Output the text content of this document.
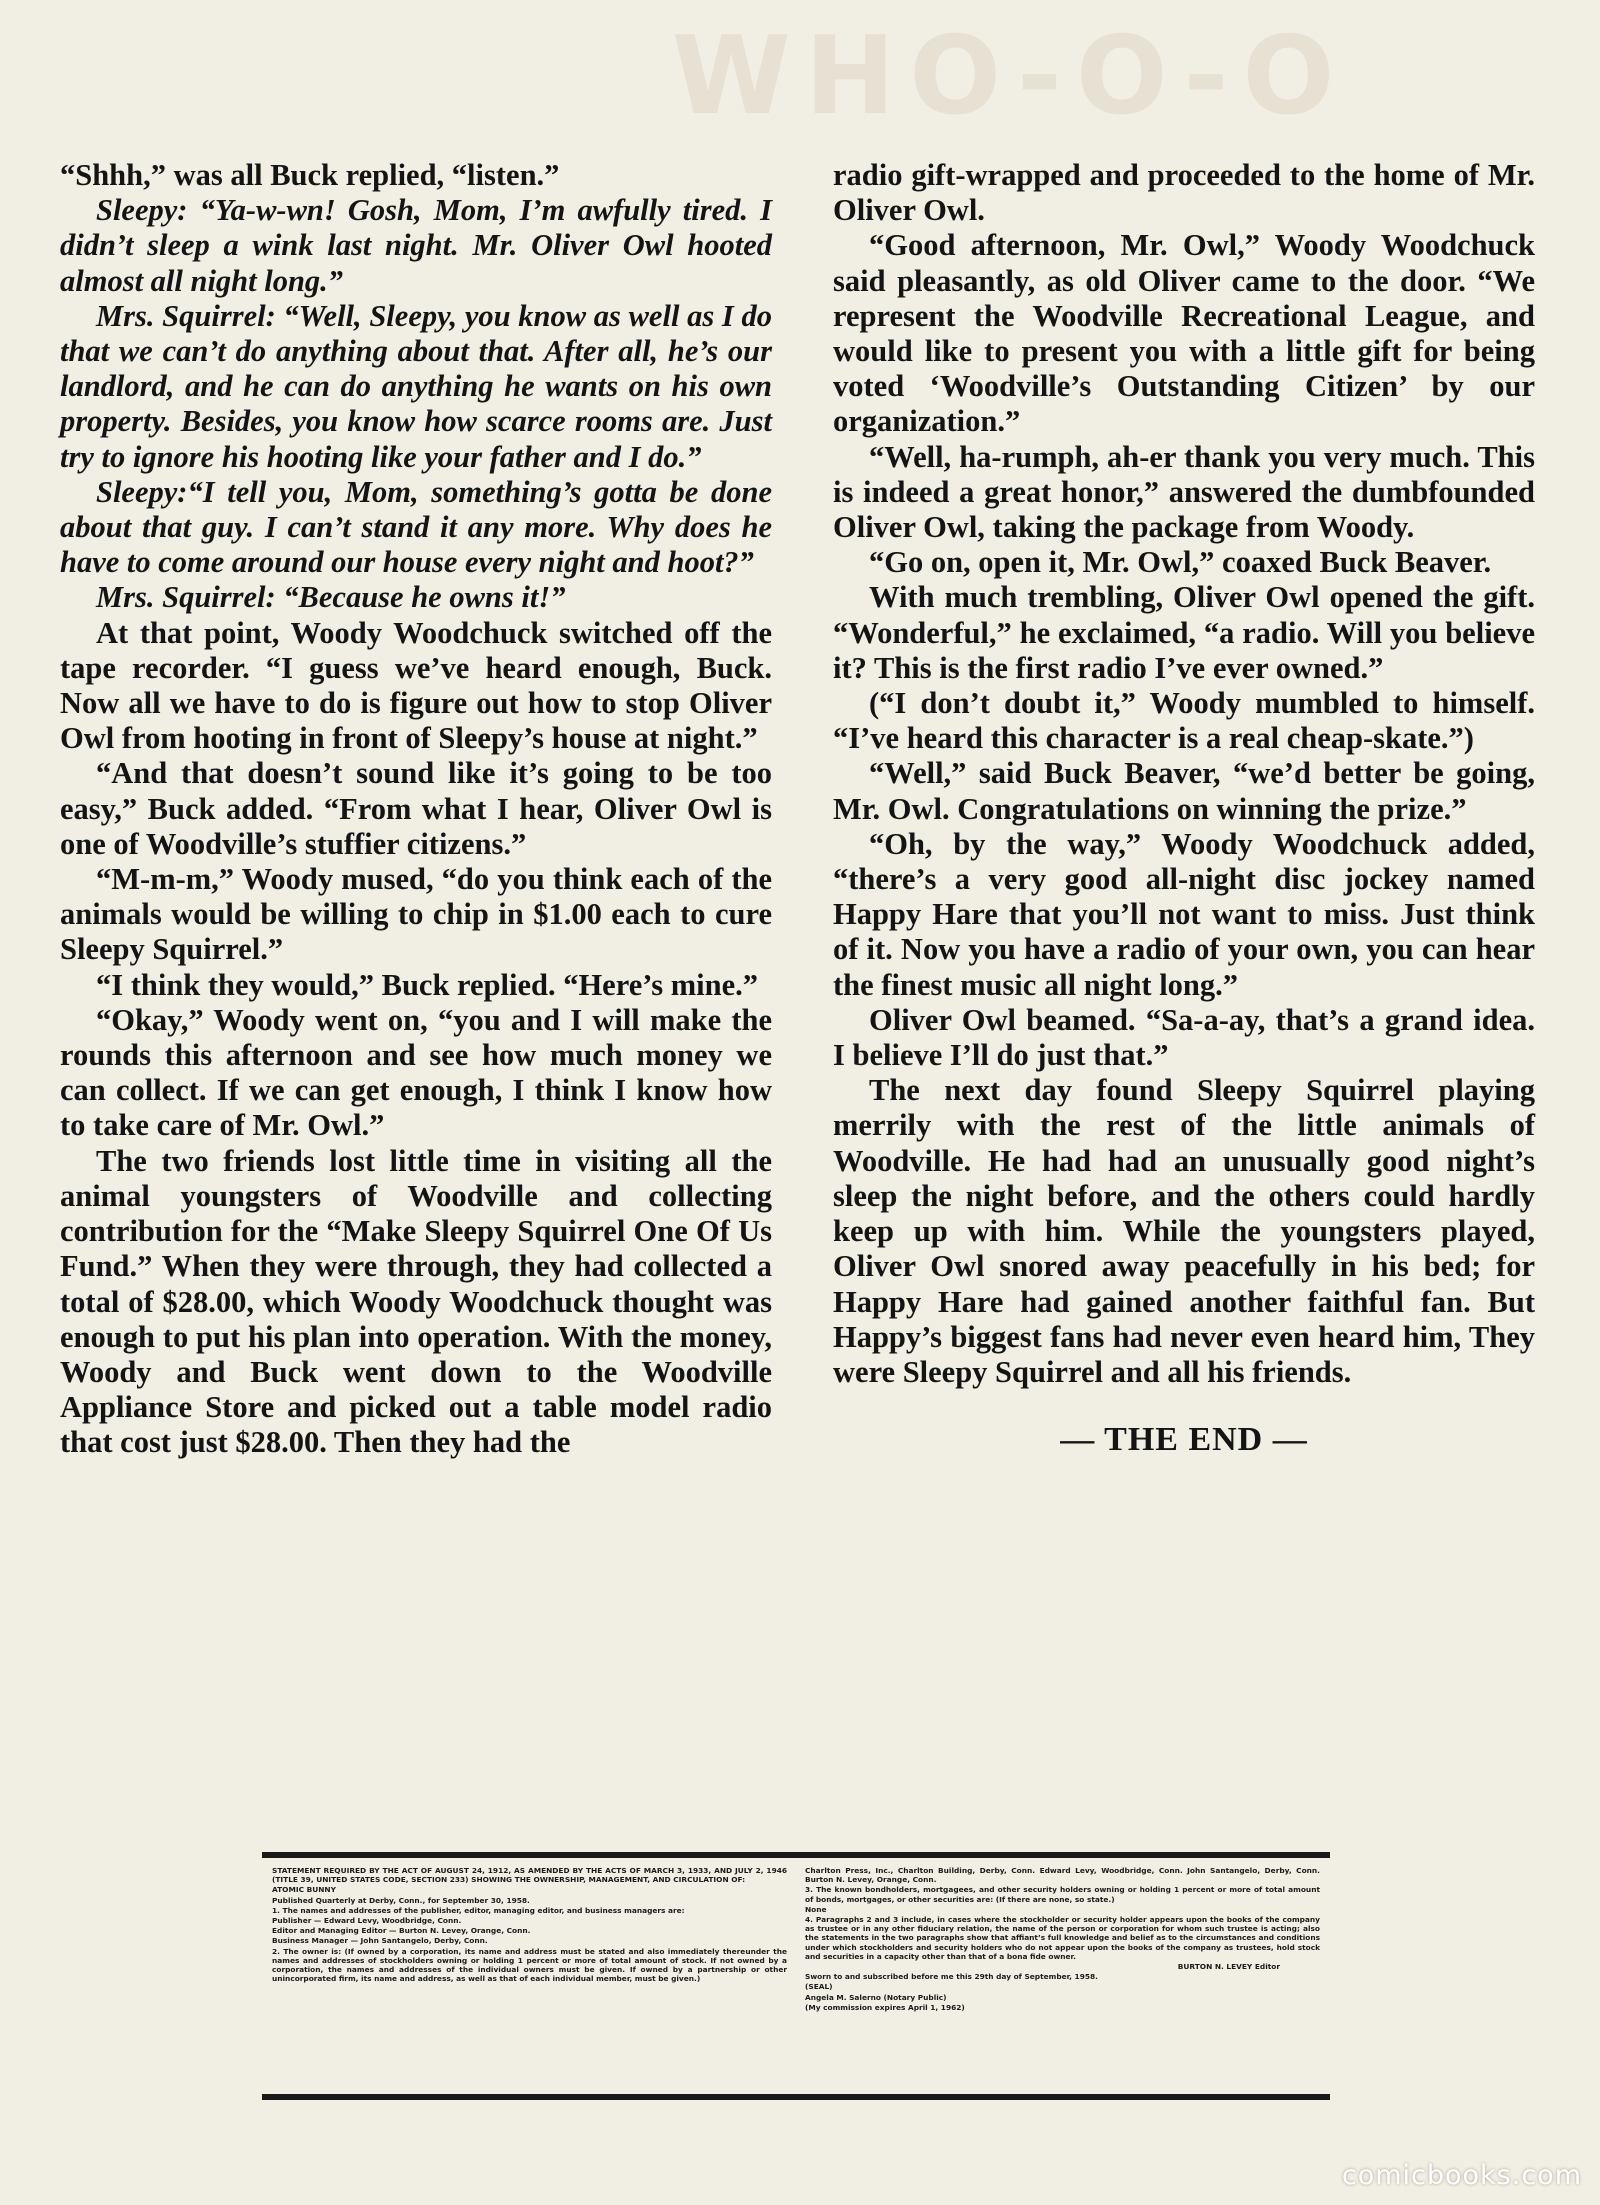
WHO-O-O

“Shhh,” was all Buck replied, “listen.”

Sleepy: “Ya-w-wn! Gosh, Mom, I’m awfully tired. I didn’t sleep a wink last night. Mr. Oliver Owl hooted almost all night long.”

Mrs. Squirrel: “Well, Sleepy, you know as well as I do that we can’t do anything about that. After all, he’s our landlord, and he can do anything he wants on his own property. Besides, you know how scarce rooms are. Just try to ignore his hooting like your father and I do.”

Sleepy:“I tell you, Mom, something’s gotta be done about that guy. I can’t stand it any more. Why does he have to come around our house every night and hoot?”

Mrs. Squirrel: “Because he owns it!”

At that point, Woody Woodchuck switched off the tape recorder. “I guess we’ve heard enough, Buck. Now all we have to do is figure out how to stop Oliver Owl from hooting in front of Sleepy’s house at night.”

“And that doesn’t sound like it’s going to be too easy,” Buck added. “From what I hear, Oliver Owl is one of Woodville’s stuffier citizens.”

“M-m-m,” Woody mused, “do you think each of the animals would be willing to chip in $1.00 each to cure Sleepy Squirrel.”

“I think they would,” Buck replied. “Here’s mine.”

“Okay,” Woody went on, “you and I will make the rounds this afternoon and see how much money we can collect. If we can get enough, I think I know how to take care of Mr. Owl.”

The two friends lost little time in visiting all the animal youngsters of Woodville and collecting contribution for the “Make Sleepy Squirrel One Of Us Fund.” When they were through, they had collected a total of $28.00, which Woody Woodchuck thought was enough to put his plan into operation. With the money, Woody and Buck went down to the Woodville Appliance Store and picked out a table model radio that cost just $28.00. Then they had the

radio gift-wrapped and proceeded to the home of Mr. Oliver Owl.

“Good afternoon, Mr. Owl,” Woody Woodchuck said pleasantly, as old Oliver came to the door. “We represent the Woodville Recreational League, and would like to present you with a little gift for being voted ‘Woodville’s Outstanding Citizen’ by our organization.”

“Well, ha-rumph, ah-er thank you very much. This is indeed a great honor,” answered the dumbfounded Oliver Owl, taking the package from Woody.

“Go on, open it, Mr. Owl,” coaxed Buck Beaver.

With much trembling, Oliver Owl opened the gift. “Wonderful,” he exclaimed, “a radio. Will you believe it? This is the first radio I’ve ever owned.”

(“I don’t doubt it,” Woody mumbled to himself. “I’ve heard this character is a real cheap-skate.”)

“Well,” said Buck Beaver, “we’d better be going, Mr. Owl. Congratulations on winning the prize.”

“Oh, by the way,” Woody Woodchuck added, “there’s a very good all-night disc jockey named Happy Hare that you’ll not want to miss. Just think of it. Now you have a radio of your own, you can hear the finest music all night long.”

Oliver Owl beamed. “Sa-a-ay, that’s a grand idea. I believe I’ll do just that.”

The next day found Sleepy Squirrel playing merrily with the rest of the little animals of Woodville. He had had an unusually good night’s sleep the night before, and the others could hardly keep up with him. While the youngsters played, Oliver Owl snored away peacefully in his bed; for Happy Hare had gained another faithful fan. But Happy’s biggest fans had never even heard him, They were Sleepy Squirrel and all his friends.

— THE END —

STATEMENT REQUIRED BY THE ACT OF AUGUST 24, 1912, AS AMENDED BY THE ACTS OF MARCH 3, 1933, AND JULY 2, 1946 (TITLE 39, UNITED STATES CODE, SECTION 233) SHOWING THE OWNERSHIP, MANAGEMENT, AND CIRCULATION OF:

ATOMIC BUNNY

Published Quarterly at Derby, Conn., for September 30, 1958.

1. The names and addresses of the publisher, editor, managing editor, and business managers are:

Publisher — Edward Levy, Woodbridge, Conn.

Editor and Managing Editor — Burton N. Levey, Orange, Conn.

Business Manager — John Santangelo, Derby, Conn.

2. The owner is: (If owned by a corporation, its name and address must be stated and also immediately thereunder the names and addresses of stockholders owning or holding 1 percent or more of total amount of stock. If not owned by a corporation, the names and addresses of the individual owners must be given. If owned by a partnership or other unincorporated firm, its name and address, as well as that of each individual member, must be given.)

Charlton Press, Inc., Charlton Building, Derby, Conn. Edward Levy, Woodbridge, Conn. John Santangelo, Derby, Conn. Burton N. Levey, Orange, Conn.

3. The known bondholders, mortgagees, and other security holders owning or holding 1 percent or more of total amount of bonds, mortgages, or other securities are: (If there are none, so state.)

None

4. Paragraphs 2 and 3 include, in cases where the stockholder or security holder appears upon the books of the company as trustee or in any other fiduciary relation, the name of the person or corporation for whom such trustee is acting; also the statements in the two paragraphs show that affiant’s full knowledge and belief as to the circumstances and conditions under which stockholders and security holders who do not appear upon the books of the company as trustees, hold stock and securities in a capacity other than that of a bona fide owner.

BURTON N. LEVEY Editor

Sworn to and subscribed before me this 29th day of September, 1958.

(SEAL)

Angela M. Salerno (Notary Public)

(My commission expires April 1, 1962)

comicbooks.com
